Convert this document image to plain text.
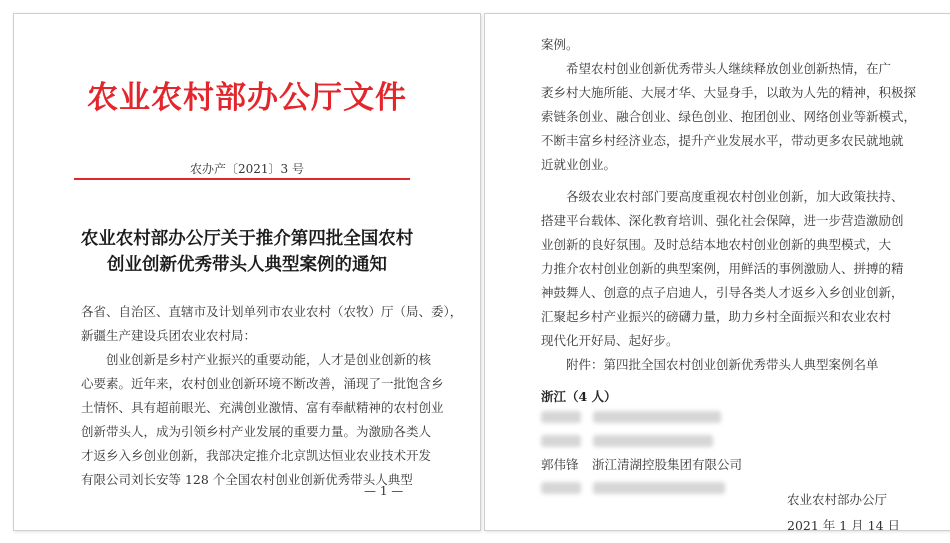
农业农村部办公厅文件
农办产〔2021〕3 号
农业农村部办公厅关于推介第四批全国农村
创业创新优秀带头人典型案例的通知
各省、自治区、直辖市及计划单列市农业农村（农牧）厅（局、委），
新疆生产建设兵团农业农村局：
　　创业创新是乡村产业振兴的重要动能，人才是创业创新的核
心要素。近年来，农村创业创新环境不断改善，涌现了一批饱含乡
土情怀、具有超前眼光、充满创业激情、富有奉献精神的农村创业
创新带头人，成为引领乡村产业发展的重要力量。为激励各类人
才返乡入乡创业创新，我部决定推介北京凯达恒业农业技术开发
有限公司刘长安等 128 个全国农村创业创新优秀带头人典型
— 1 —
案例。
　　希望农村创业创新优秀带头人继续释放创业创新热情，在广
袤乡村大施所能、大展才华、大显身手，以敢为人先的精神，积极探
索链条创业、融合创业、绿色创业、抱团创业、网络创业等新模式，
不断丰富乡村经济业态，提升产业发展水平，带动更多农民就地就
近就业创业。
　　各级农业农村部门要高度重视农村创业创新，加大政策扶持、
搭建平台载体、深化教育培训、强化社会保障，进一步营造激励创
业创新的良好氛围。及时总结本地农村创业创新的典型模式，大
力推介农村创业创新的典型案例，用鲜活的事例激励人、拼搏的精
神鼓舞人、创意的点子启迪人，引导各类人才返乡入乡创业创新，
汇聚起乡村产业振兴的磅礴力量，助力乡村全面振兴和农业农村
现代化开好局、起好步。
　　附件：第四批全国农村创业创新优秀带头人典型案例名单
浙江（4 人）
郭伟锋 浙江清湖控股集团有限公司
农业农村部办公厅
2021 年 1 月 14 日
